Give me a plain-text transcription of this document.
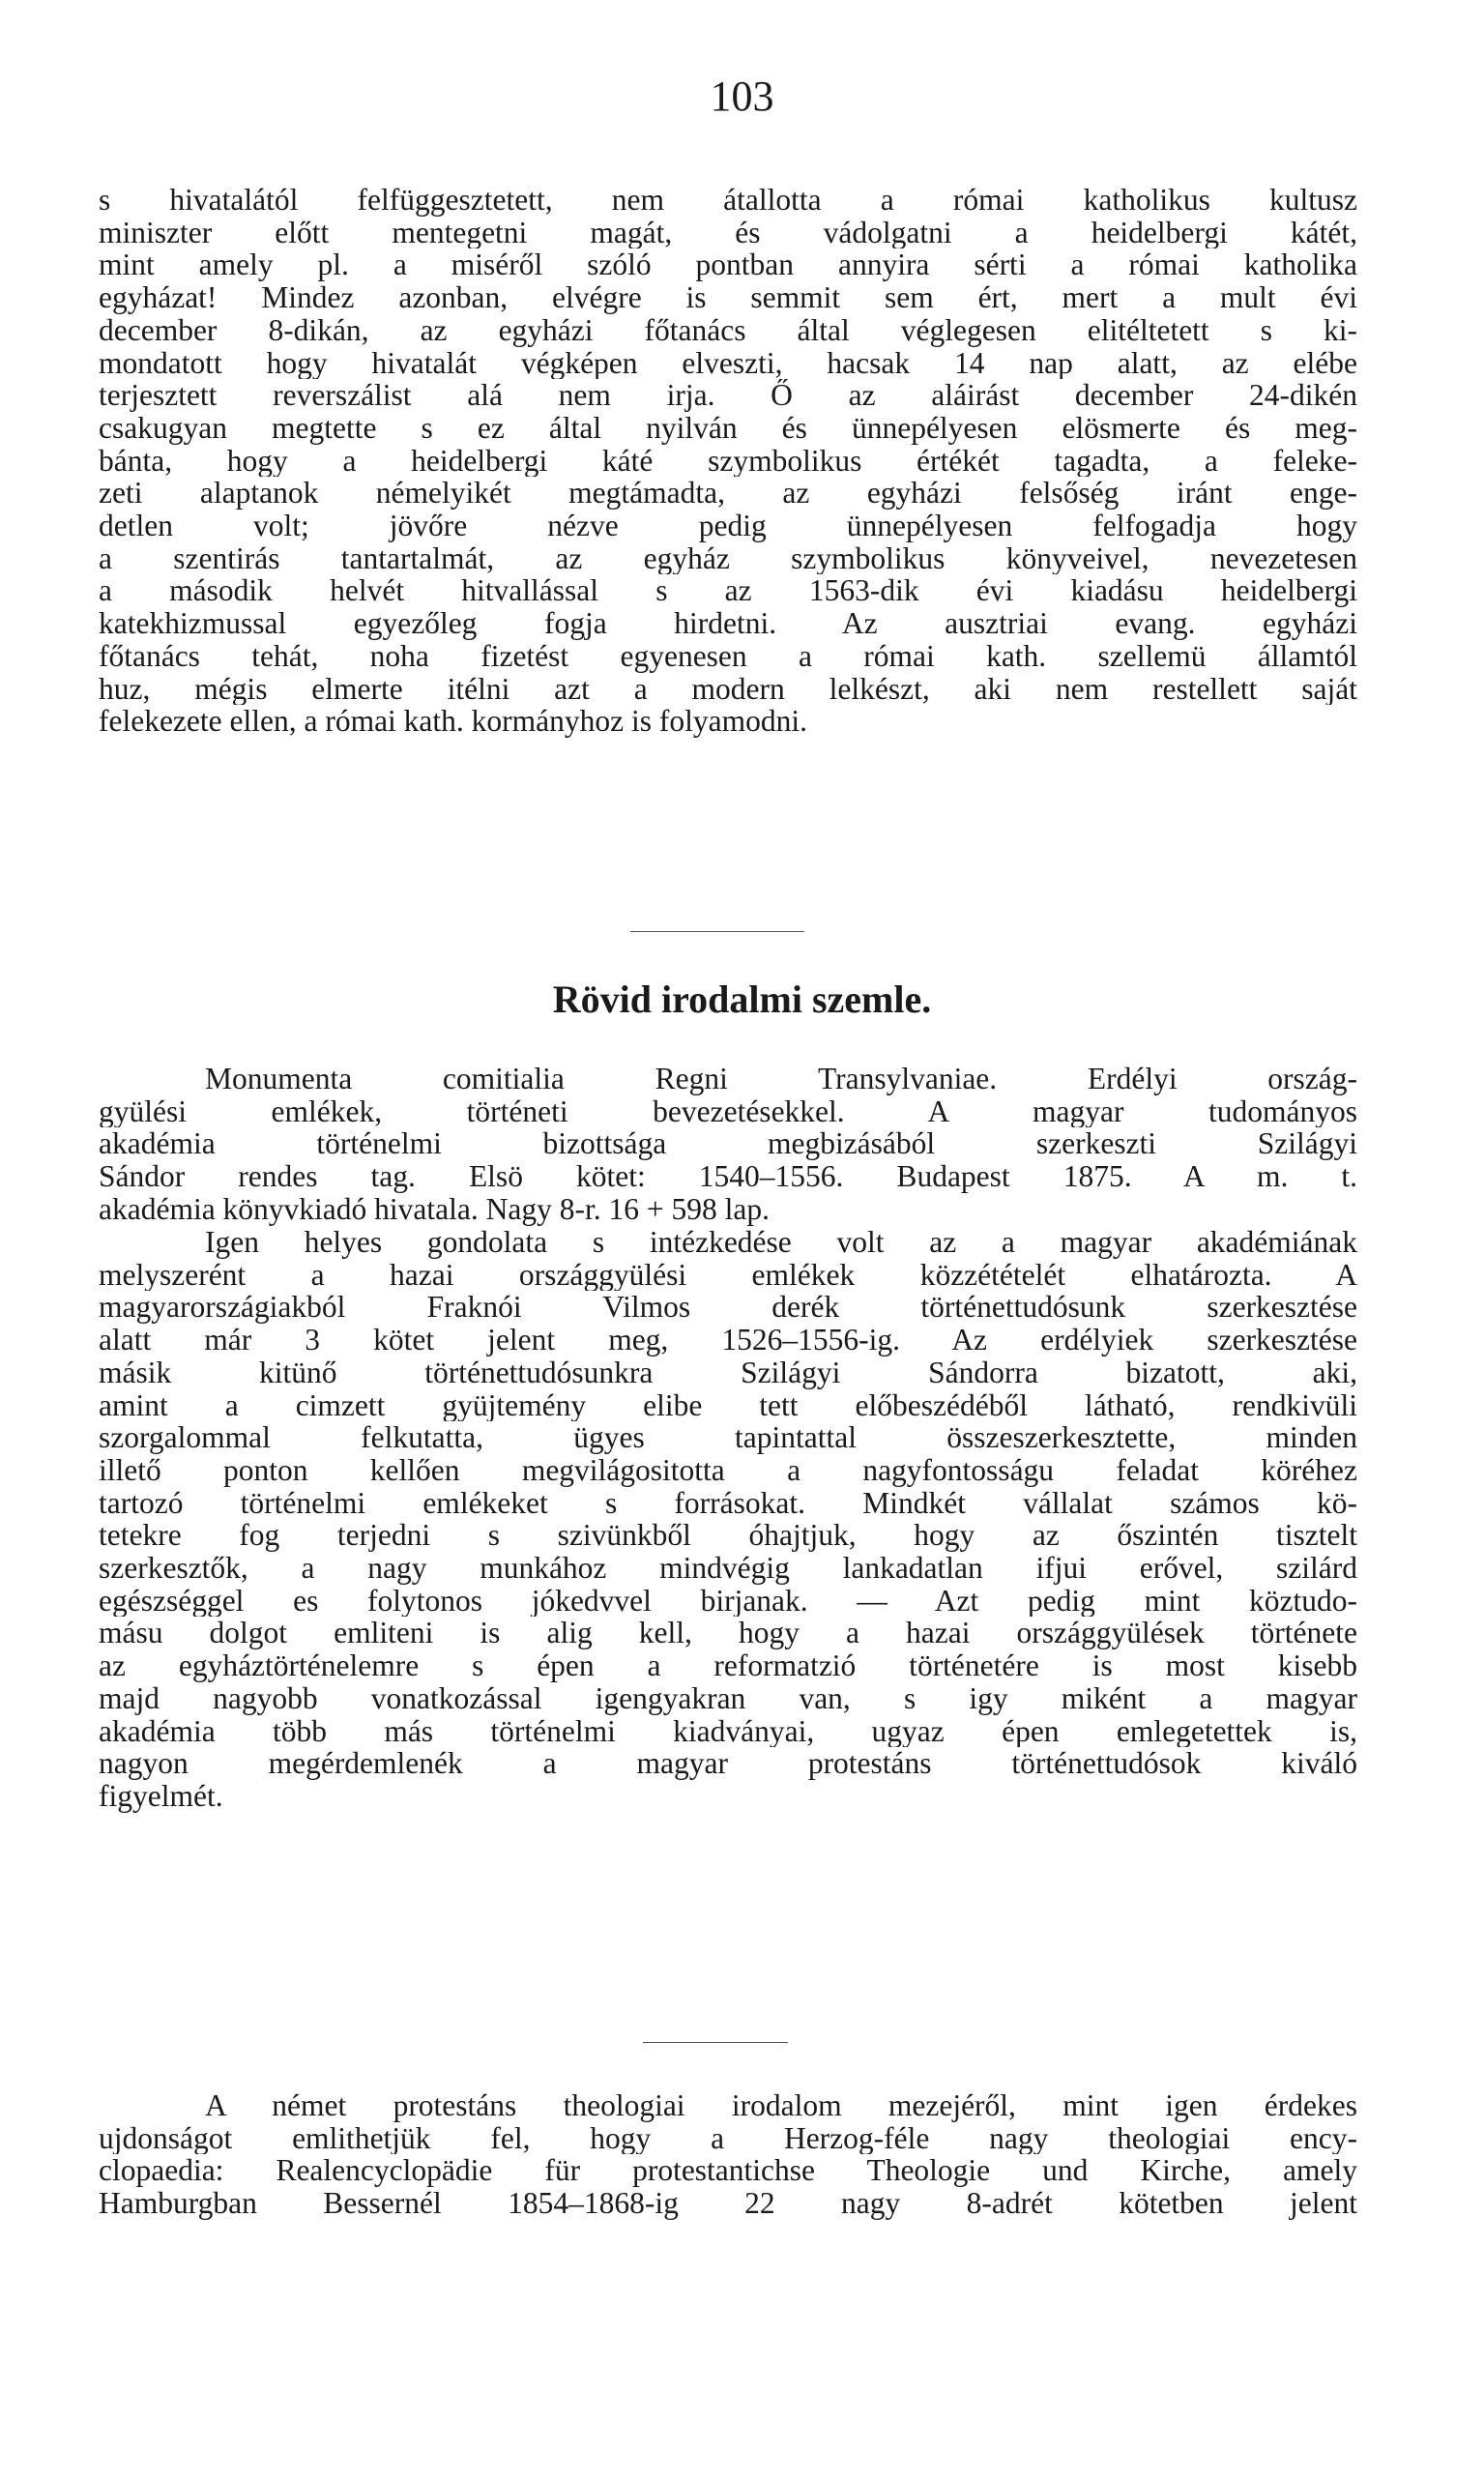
103
s hivatalától felfüggesztetett, nem átallotta a római katholikus kultusz
miniszter előtt mentegetni magát, és vádolgatni a heidelbergi kátét,
mint amely pl. a miséről szóló pontban annyira sérti a római katholika
egyházat! Mindez azonban, elvégre is semmit sem ért, mert a mult évi
december 8-dikán, az egyházi főtanács által véglegesen elitéltetett s ki-
mondatott hogy hivatalát végképen elveszti, hacsak 14 nap alatt, az elébe
terjesztett reverszálist alá nem irja. Ő az aláirást december 24-dikén
csakugyan megtette s ez által nyilván és ünnepélyesen elösmerte és meg-
bánta, hogy a heidelbergi káté szymbolikus értékét tagadta, a feleke-
zeti alaptanok némelyikét megtámadta, az egyházi felsőség iránt enge-
detlen volt; jövőre nézve pedig ünnepélyesen felfogadja hogy
a szentirás tantartalmát, az egyház szymbolikus könyveivel, nevezetesen
a második helvét hitvallással s az 1563-dik évi kiadásu heidelbergi
katekhizmussal egyezőleg fogja hirdetni. Az ausztriai evang. egyházi
főtanács tehát, noha fizetést egyenesen a római kath. szellemü államtól
huz, mégis elmerte itélni azt a modern lelkészt, aki nem restellett saját
felekezete ellen, a római kath. kormányhoz is folyamodni.
Rövid irodalmi szemle.
Monumenta comitialia Regni Transylvaniae. Erdélyi ország-
gyülési emlékek, történeti bevezetésekkel. A magyar tudományos
akadémia történelmi bizottsága megbizásából szerkeszti Szilágyi
Sándor rendes tag. Elsö kötet: 1540–1556. Budapest 1875. A m. t.
akadémia könyvkiadó hivatala. Nagy 8-r. 16 + 598 lap.
Igen helyes gondolata s intézkedése volt az a magyar akadémiának
melyszerént a hazai országgyülési emlékek közzétételét elhatározta. A
magyarországiakból Fraknói Vilmos derék történettudósunk szerkesztése
alatt már 3 kötet jelent meg, 1526–1556-ig. Az erdélyiek szerkesztése
másik kitünő történettudósunkra Szilágyi Sándorra bizatott, aki,
amint a cimzett gyüjtemény elibe tett előbeszédéből látható, rendkivüli
szorgalommal felkutatta, ügyes tapintattal összeszerkesztette, minden
illető ponton kellően megvilágositotta a nagyfontosságu feladat köréhez
tartozó történelmi emlékeket s forrásokat. Mindkét vállalat számos kö-
tetekre fog terjedni s szivünkből óhajtjuk, hogy az őszintén tisztelt
szerkesztők, a nagy munkához mindvégig lankadatlan ifjui erővel, szilárd
egészséggel es folytonos jókedvvel birjanak. — Azt pedig mint köztudo-
másu dolgot emliteni is alig kell, hogy a hazai országgyülések története
az egyháztörténelemre s épen a reformatzió történetére is most kisebb
majd nagyobb vonatkozással igengyakran van, s igy miként a magyar
akadémia több más történelmi kiadványai, ugyaz épen emlegetettek is,
nagyon megérdemlenék a magyar protestáns történettudósok kiváló
figyelmét.
A német protestáns theologiai irodalom mezejéről, mint igen érdekes
ujdonságot emlithetjük fel, hogy a Herzog-féle nagy theologiai ency-
clopaedia: Realencyclopädie für protestantichse Theologie und Kirche, amely
Hamburgban Bessernél 1854–1868-ig 22 nagy 8-adrét kötetben jelent
